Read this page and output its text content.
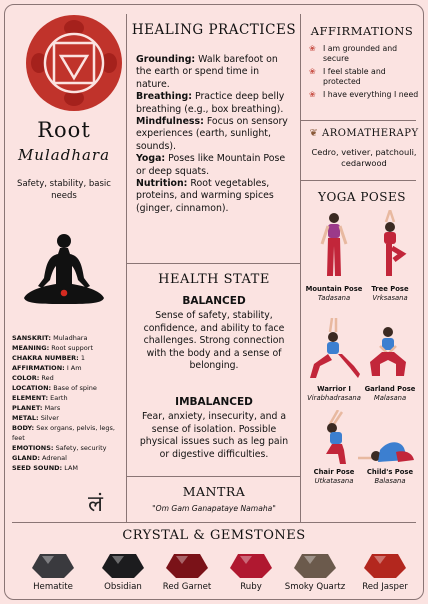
Root
Muladhara
Safety, stability, basic needs
SANSKRIT: Muladhara
MEANING: Root support
CHAKRA NUMBER: 1
AFFIRMATION: I Am
COLOR: Red
LOCATION: Base of spine
ELEMENT: Earth
PLANET: Mars
METAL: Silver
BODY: Sex organs, pelvis, legs, feet
EMOTIONS: Safety, security
GLAND: Adrenal
SEED SOUND: LAM
लं
HEALING PRACTICES

Grounding: Walk barefoot on the earth or spend time in nature.

Breathing: Practice deep belly breathing (e.g., box breathing).

Mindfulness: Focus on sensory experiences (earth, sunlight, sounds).

Yoga: Poses like Mountain Pose or deep squats.

Nutrition: Root vegetables, proteins, and warming spices (ginger, cinnamon).

AFFIRMATIONS
❀ I am grounded and secure
❀ I feel stable and protected
❀ I have everything I need
❦ AROMATHERAPY
Cedro, vetiver, patchouli, cedarwood
YOGA POSES
Mountain Pose
Tadasana
Tree Pose
Vrksasana
Warrior I
Virabhadrasana
Garland Pose
Malasana
Chair Pose
Utkatasana
Child's Pose
Balasana
HEALTH STATE
BALANCED
Sense of safety, stability, confidence, and ability to face challenges. Strong connection with the body and a sense of belonging.
IMBALANCED
Fear, anxiety, insecurity, and a sense of isolation. Possible physical issues such as leg pain or digestive difficulties.
MANTRA
"Om Gam Ganapataye Namaha"
CRYSTAL & GEMSTONES
Hematite	Obsidian	Red Garnet	Ruby	Smoky Quartz	Red Jasper
